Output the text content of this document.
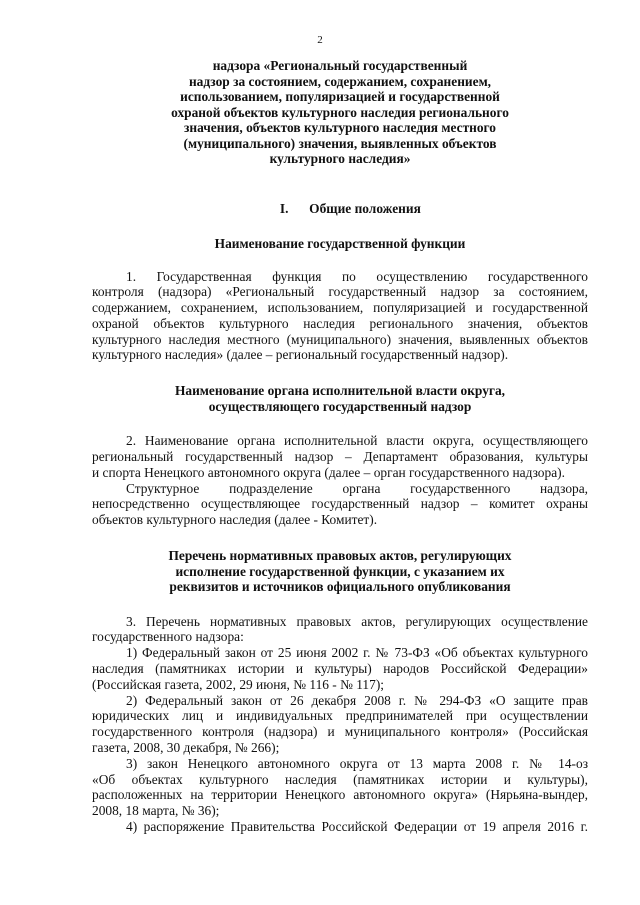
2
надзора «Региональный государственный
надзор за состоянием, содержанием, сохранением,
использованием, популяризацией и государственной
охраной объектов культурного наследия регионального
значения, объектов культурного наследия местного
(муниципального) значения, выявленных объектов
культурного наследия»
I. Общие положения
Наименование государственной функции
1. Государственная функция по осуществлению государственного
контроля (надзора) «Региональный государственный надзор за состоянием,
содержанием, сохранением, использованием, популяризацией и государственной
охраной объектов культурного наследия регионального значения, объектов
культурного наследия местного (муниципального) значения, выявленных объектов
культурного наследия» (далее – региональный государственный надзор).
Наименование органа исполнительной власти округа,
осуществляющего государственный надзор
2. Наименование органа исполнительной власти округа, осуществляющего
региональный государственный надзор – Департамент образования, культуры
и спорта Ненецкого автономного округа (далее – орган государственного надзора).
Структурное подразделение органа государственного надзора,
непосредственно осуществляющее государственный надзор – комитет охраны
объектов культурного наследия (далее - Комитет).
Перечень нормативных правовых актов, регулирующих
исполнение государственной функции, с указанием их
реквизитов и источников официального опубликования
3. Перечень нормативных правовых актов, регулирующих осуществление
государственного надзора:
1) Федеральный закон от 25 июня 2002 г. № 73-ФЗ «Об объектах культурного
наследия (памятниках истории и культуры) народов Российской Федерации»
(Российская газета, 2002, 29 июня, № 116 - № 117);
2) Федеральный закон от 26 декабря 2008 г. № 294-ФЗ «О защите прав
юридических лиц и индивидуальных предпринимателей при осуществлении
государственного контроля (надзора) и муниципального контроля» (Российская
газета, 2008, 30 декабря, № 266);
3) закон Ненецкого автономного округа от 13 марта 2008 г. № 14-оз
«Об объектах культурного наследия (памятниках истории и культуры),
расположенных на территории Ненецкого автономного округа» (Нярьяна-вындер,
2008, 18 марта, № 36);
4) распоряжение Правительства Российской Федерации от 19 апреля 2016 г.
